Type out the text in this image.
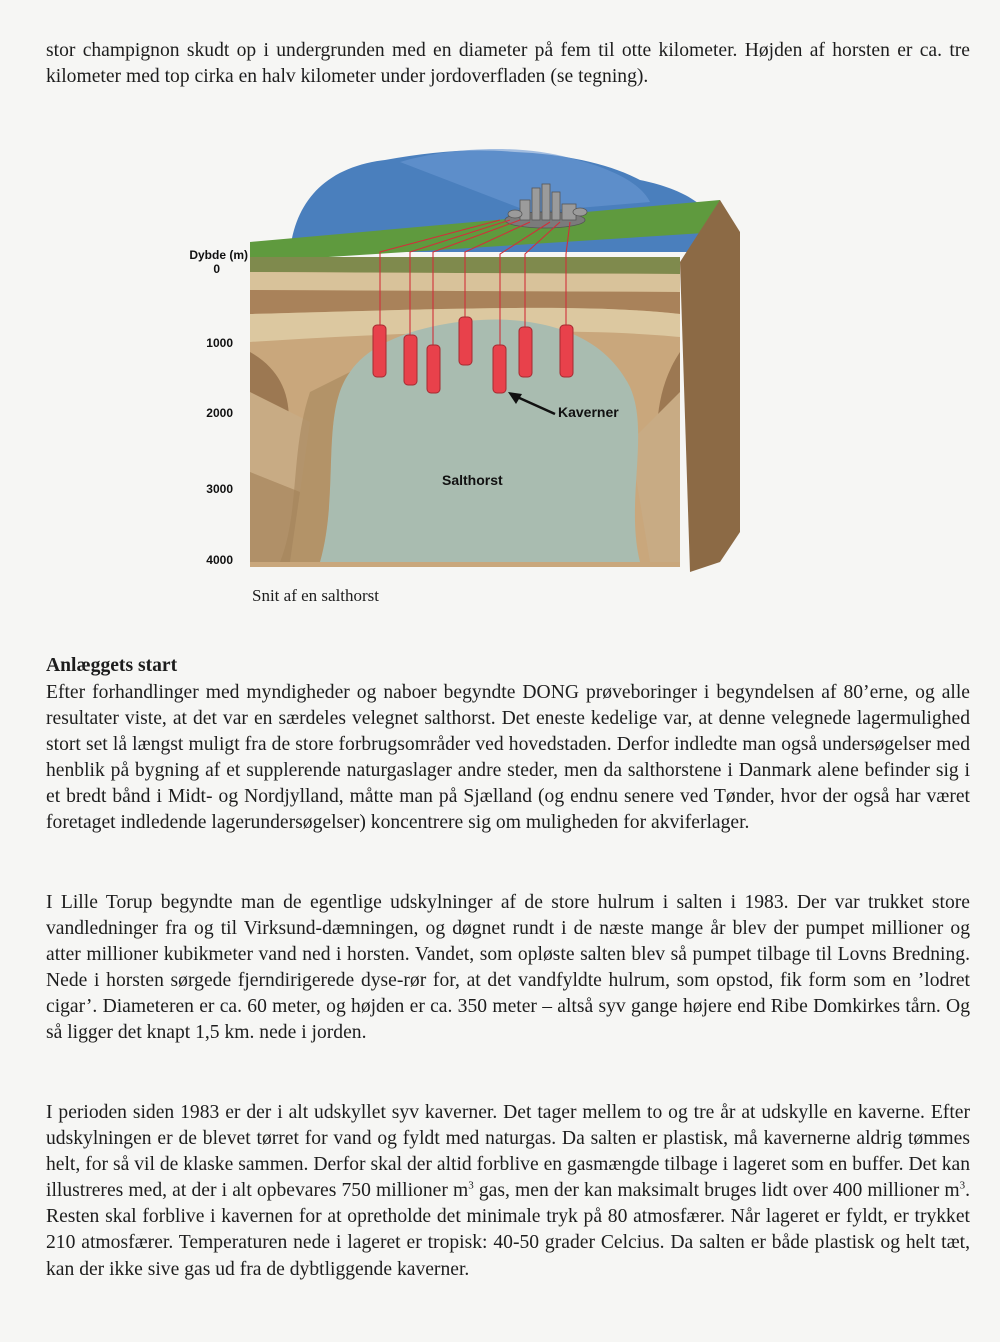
stor champignon skudt op i undergrunden med en diameter på fem til otte kilometer. Højden af horsten er ca. tre kilometer med top cirka en halv kilometer under jordoverfladen (se tegning).

Dybde (m)
0
1000
2000
3000
4000
Kaverner
Salthorst
Snit af en salthorst
Anlæggets start

Efter forhandlinger med myndigheder og naboer begyndte DONG prøveboringer i begyndelsen af 80’erne, og alle resultater viste, at det var en særdeles velegnet salthorst. Det eneste kedelige var, at denne velegnede lagermulighed stort set lå længst muligt fra de store forbrugsområder ved hovedstaden. Derfor indledte man også undersøgelser med henblik på bygning af et supplerende naturgaslager andre steder, men da salthorstene i Danmark alene befinder sig i et bredt bånd i Midt- og Nordjylland, måtte man på Sjælland (og endnu senere ved Tønder, hvor der også har været foretaget indledende lagerundersøgelser) koncentrere sig om muligheden for akviferlager.

I Lille Torup begyndte man de egentlige udskylninger af de store hulrum i salten i 1983. Der var trukket store vandledninger fra og til Virksund-dæmningen, og døgnet rundt i de næste mange år blev der pumpet millioner og atter millioner kubikmeter vand ned i horsten. Vandet, som opløste salten blev så pumpet tilbage til Lovns Bredning. Nede i horsten sørgede fjerndirigerede dyse-rør for, at det vandfyldte hulrum, som opstod, fik form som en ’lodret cigar’. Diameteren er ca. 60 meter, og højden er ca. 350 meter – altså syv gange højere end Ribe Domkirkes tårn. Og så ligger det knapt 1,5 km. nede i jorden.

I perioden siden 1983 er der i alt udskyllet syv kaverner. Det tager mellem to og tre år at udskylle en kaverne. Efter udskylningen er de blevet tørret for vand og fyldt med naturgas. Da salten er plastisk, må kavernerne aldrig tømmes helt, for så vil de klaske sammen. Derfor skal der altid forblive en gasmængde tilbage i lageret som en buffer. Det kan illustreres med, at der i alt opbevares 750 millioner $m^3$ gas, men der kan maksimalt bruges lidt over 400 millioner $m^3$. Resten skal forblive i kavernen for at opretholde det minimale tryk på 80 atmosfærer. Når lageret er fyldt, er trykket 210 atmosfærer. Temperaturen nede i lageret er tropisk: 40-50 grader Celcius. Da salten er både plastisk og helt tæt, kan der ikke sive gas ud fra de dybtliggende kaverner.
